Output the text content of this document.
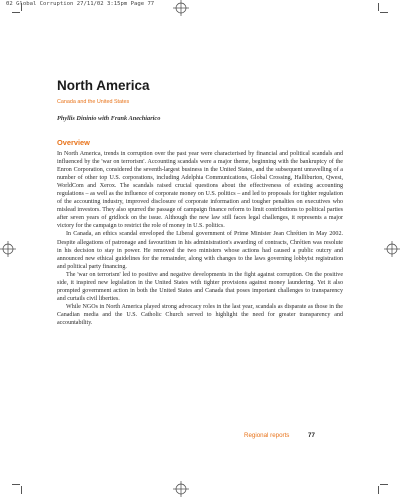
02 Global Corruption 27/11/02 3:15pm Page 77
North America
Canada and the United States
Phyllis Dininio with Frank Anechiarico
Overview

In North America, trends in corruption over the past year were characterised by financial and political scandals and influenced by the 'war on terrorism'. Accounting scandals were a major theme, beginning with the bankruptcy of the Enron Corporation, considered the seventh-largest business in the United States, and the subsequent unravelling of a number of other top U.S. corporations, including Adelphia Communications, Global Crossing, Halliburton, Qwest, WorldCom and Xerox. The scandals raised crucial questions about the effectiveness of existing accounting regulations – as well as the influence of corporate money on U.S. politics – and led to proposals for tighter regulation of the accounting industry, improved disclosure of corporate information and tougher penalties on executives who mislead investors. They also spurred the passage of campaign finance reform to limit contributions to political parties after seven years of gridlock on the issue. Although the new law still faces legal challenges, it represents a major victory for the campaign to restrict the role of money in U.S. politics.

In Canada, an ethics scandal enveloped the Liberal government of Prime Minister Jean Chrétien in May 2002. Despite allegations of patronage and favouritism in his administration's awarding of contracts, Chrétien was resolute in his decision to stay in power. He removed the two ministers whose actions had caused a public outcry and announced new ethical guidelines for the remainder, along with changes to the laws governing lobbyist registration and political party financing.

The 'war on terrorism' led to positive and negative developments in the fight against corruption. On the positive side, it inspired new legislation in the United States with tighter provisions against money laundering. Yet it also prompted government action in both the United States and Canada that poses important challenges to transparency and curtails civil liberties.

While NGOs in North America played strong advocacy roles in the last year, scandals as disparate as those in the Canadian media and the U.S. Catholic Church served to highlight the need for greater transparency and accountability.

Regional reports	77
